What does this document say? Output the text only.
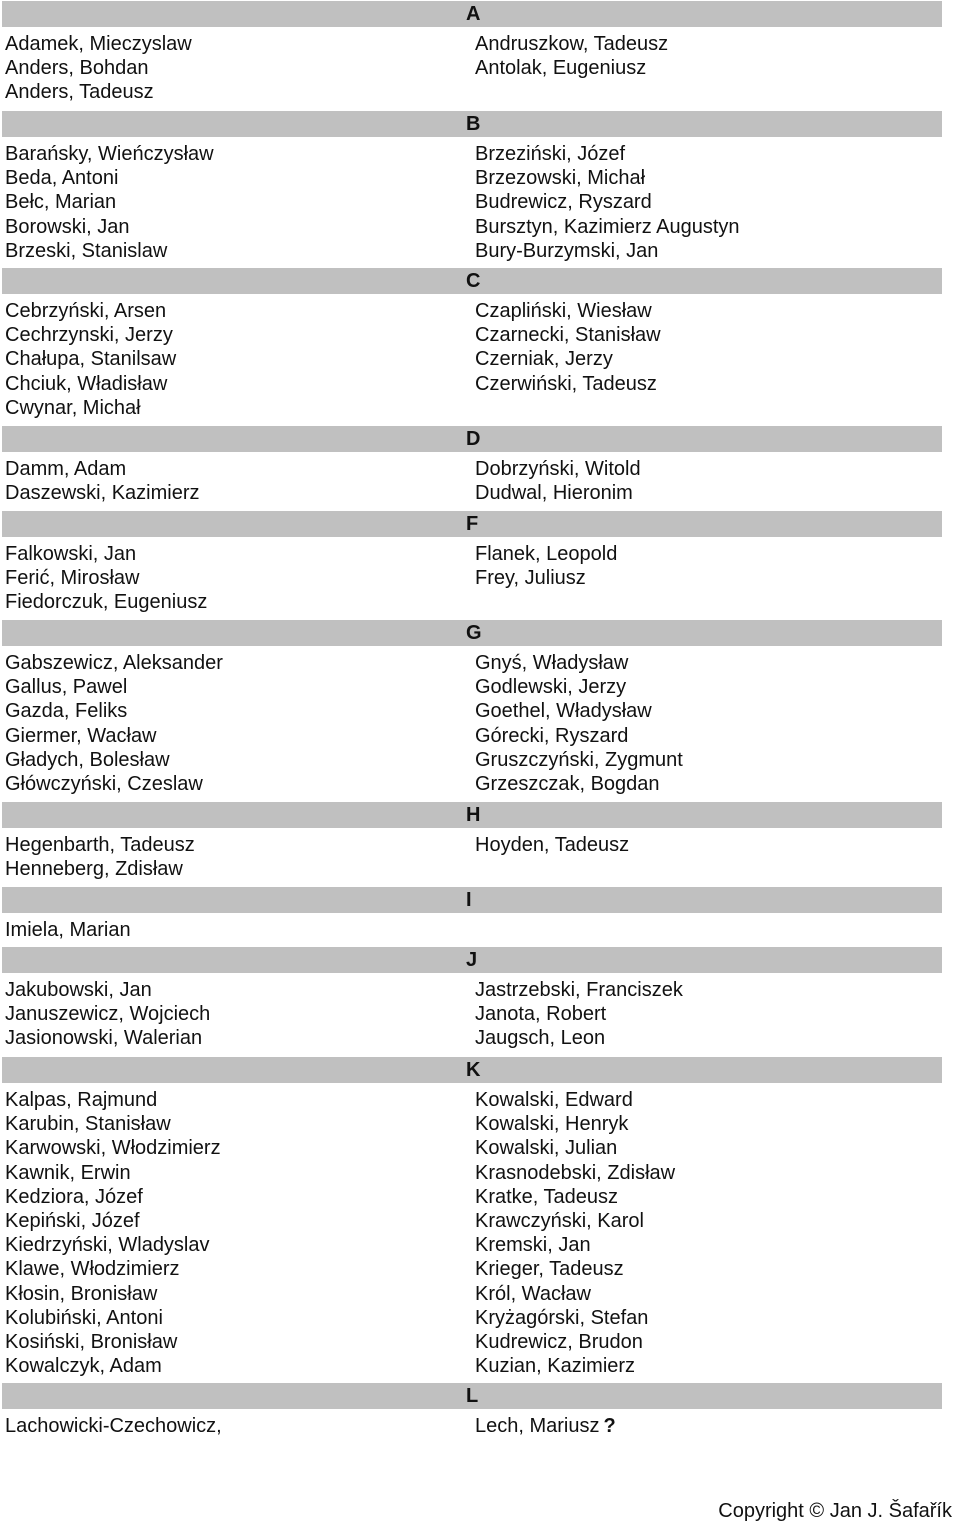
Copyright © Jan J. Šafařík
A
Adamek, Mieczyslaw
Anders, Bohdan
Anders, Tadeusz
Andruszkow, Tadeusz
Antolak, Eugeniusz
B
Barańsky, Wieńczysław
Beda, Antoni
Bełc, Marian
Borowski, Jan
Brzeski, Stanislaw
Brzeziński, Józef
Brzezowski, Michał
Budrewicz, Ryszard
Bursztyn, Kazimierz Augustyn
Bury-Burzymski, Jan
C
Cebrzyński, Arsen
Cechrzynski, Jerzy
Chałupa, Stanilsaw
Chciuk, Władisław
Cwynar, Michał
Czapliński, Wiesław
Czarnecki, Stanisław
Czerniak, Jerzy
Czerwiński, Tadeusz
D
Damm, Adam
Daszewski, Kazimierz
Dobrzyński, Witold
Dudwal, Hieronim
F
Falkowski, Jan
Ferić, Mirosław
Fiedorczuk, Eugeniusz
Flanek, Leopold
Frey, Juliusz
G
Gabszewicz, Aleksander
Gallus, Pawel
Gazda, Feliks
Giermer, Wacław
Gładych, Bolesław
Główczyński, Czeslaw
Gnyś, Władysław
Godlewski, Jerzy
Goethel, Władysław
Górecki, Ryszard
Gruszczyński, Zygmunt
Grzeszczak, Bogdan
H
Hegenbarth, Tadeusz
Henneberg, Zdisław
Hoyden, Tadeusz
I
Imiela, Marian
J
Jakubowski, Jan
Januszewicz, Wojciech
Jasionowski, Walerian
Jastrzebski, Franciszek
Janota, Robert
Jaugsch, Leon
K
Kalpas, Rajmund
Karubin, Stanisław
Karwowski, Włodzimierz
Kawnik, Erwin
Kedziora, Józef
Kepiński, Józef
Kiedrzyński, Wladyslav
Klawe, Włodzimierz
Kłosin, Bronisław
Kolubiński, Antoni
Kosiński, Bronisław
Kowalczyk, Adam
Kowalski, Edward
Kowalski, Henryk
Kowalski, Julian
Krasnodebski, Zdisław
Kratke, Tadeusz
Krawczyński, Karol
Kremski, Jan
Krieger, Tadeusz
Król, Wacław
Kryżagórski, Stefan
Kudrewicz, Brudon
Kuzian, Kazimierz
L
Lachowicki-Czechowicz,	Lech, Mariusz ?
